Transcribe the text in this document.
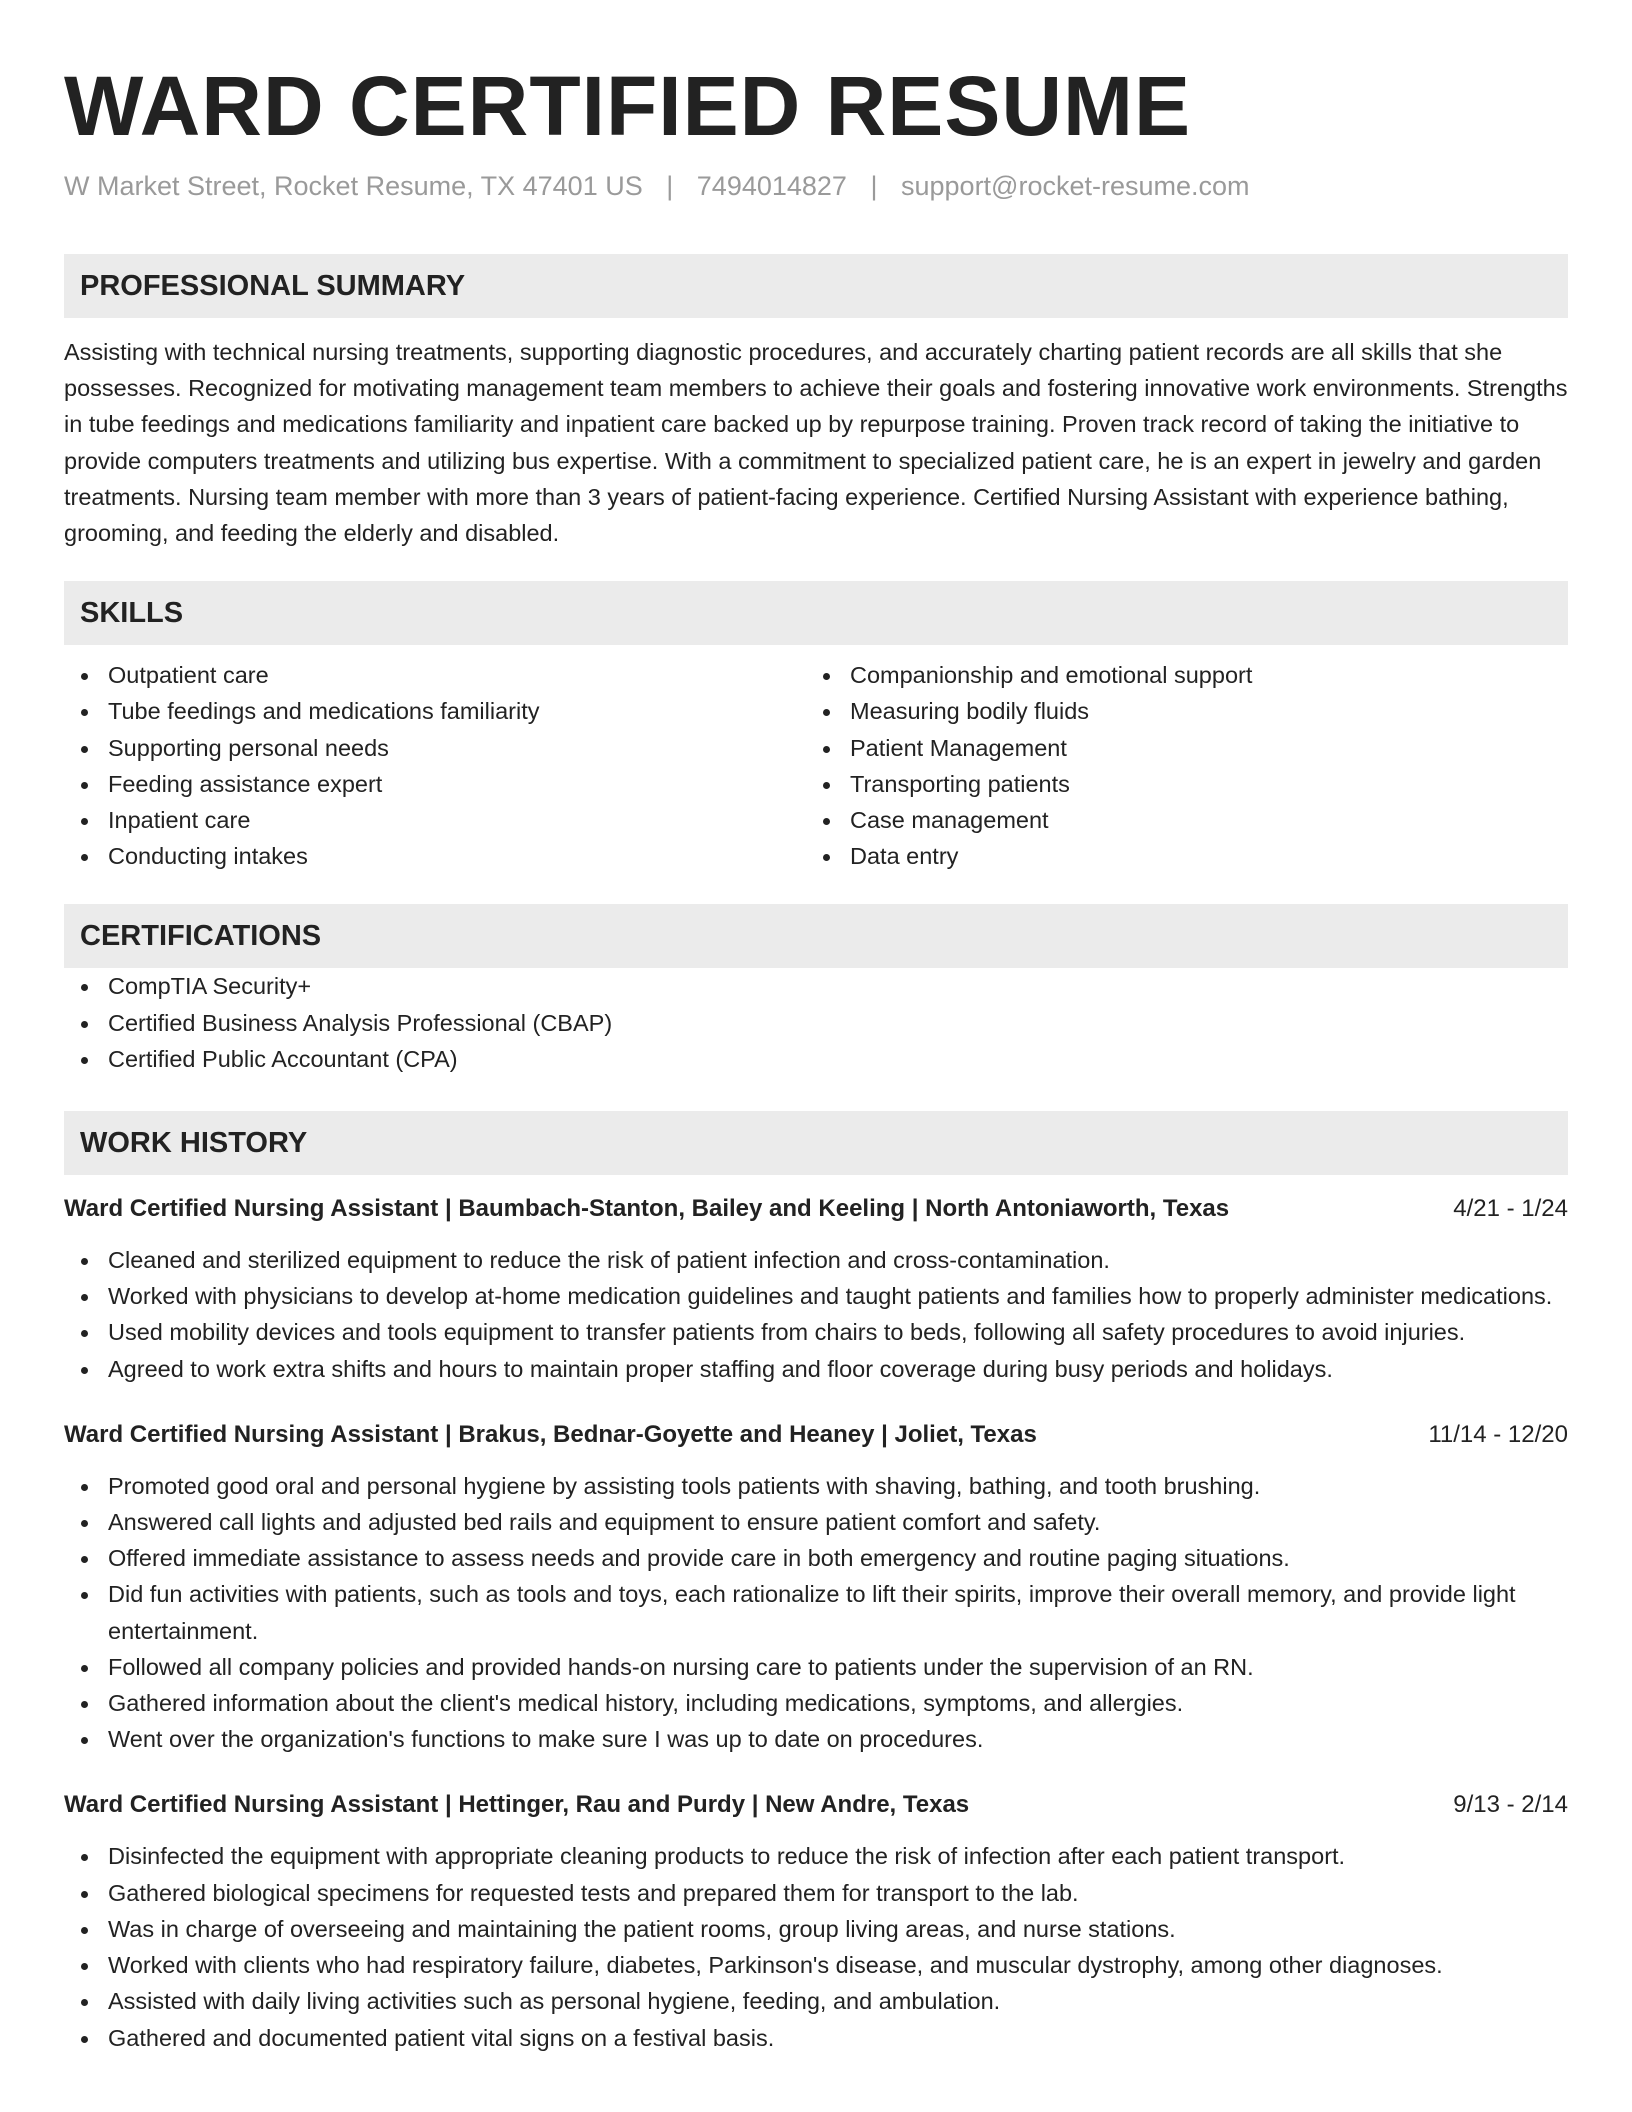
WARD CERTIFIED RESUME
W Market Street, Rocket Resume, TX 47401 US | 7494014827 | support@rocket-resume.com
PROFESSIONAL SUMMARY
Assisting with technical nursing treatments, supporting diagnostic procedures, and accurately charting patient records are all skills that she possesses. Recognized for motivating management team members to achieve their goals and fostering innovative work environments. Strengths in tube feedings and medications familiarity and inpatient care backed up by repurpose training. Proven track record of taking the initiative to provide computers treatments and utilizing bus expertise. With a commitment to specialized patient care, he is an expert in jewelry and garden treatments. Nursing team member with more than 3 years of patient-facing experience. Certified Nursing Assistant with experience bathing, grooming, and feeding the elderly and disabled.
SKILLS
Outpatient care
Tube feedings and medications familiarity
Supporting personal needs
Feeding assistance expert
Inpatient care
Conducting intakes
Companionship and emotional support
Measuring bodily fluids
Patient Management
Transporting patients
Case management
Data entry
CERTIFICATIONS
CompTIA Security+
Certified Business Analysis Professional (CBAP)
Certified Public Accountant (CPA)
WORK HISTORY
Ward Certified Nursing Assistant | Baumbach-Stanton, Bailey and Keeling | North Antoniaworth, Texas	4/21 - 1/24
Cleaned and sterilized equipment to reduce the risk of patient infection and cross-contamination.
Worked with physicians to develop at-home medication guidelines and taught patients and families how to properly administer medications.
Used mobility devices and tools equipment to transfer patients from chairs to beds, following all safety procedures to avoid injuries.
Agreed to work extra shifts and hours to maintain proper staffing and floor coverage during busy periods and holidays.
Ward Certified Nursing Assistant | Brakus, Bednar-Goyette and Heaney | Joliet, Texas	11/14 - 12/20
Promoted good oral and personal hygiene by assisting tools patients with shaving, bathing, and tooth brushing.
Answered call lights and adjusted bed rails and equipment to ensure patient comfort and safety.
Offered immediate assistance to assess needs and provide care in both emergency and routine paging situations.
Did fun activities with patients, such as tools and toys, each rationalize to lift their spirits, improve their overall memory, and provide light entertainment.
Followed all company policies and provided hands-on nursing care to patients under the supervision of an RN.
Gathered information about the client's medical history, including medications, symptoms, and allergies.
Went over the organization's functions to make sure I was up to date on procedures.
Ward Certified Nursing Assistant | Hettinger, Rau and Purdy | New Andre, Texas	9/13 - 2/14
Disinfected the equipment with appropriate cleaning products to reduce the risk of infection after each patient transport.
Gathered biological specimens for requested tests and prepared them for transport to the lab.
Was in charge of overseeing and maintaining the patient rooms, group living areas, and nurse stations.
Worked with clients who had respiratory failure, diabetes, Parkinson's disease, and muscular dystrophy, among other diagnoses.
Assisted with daily living activities such as personal hygiene, feeding, and ambulation.
Gathered and documented patient vital signs on a festival basis.
